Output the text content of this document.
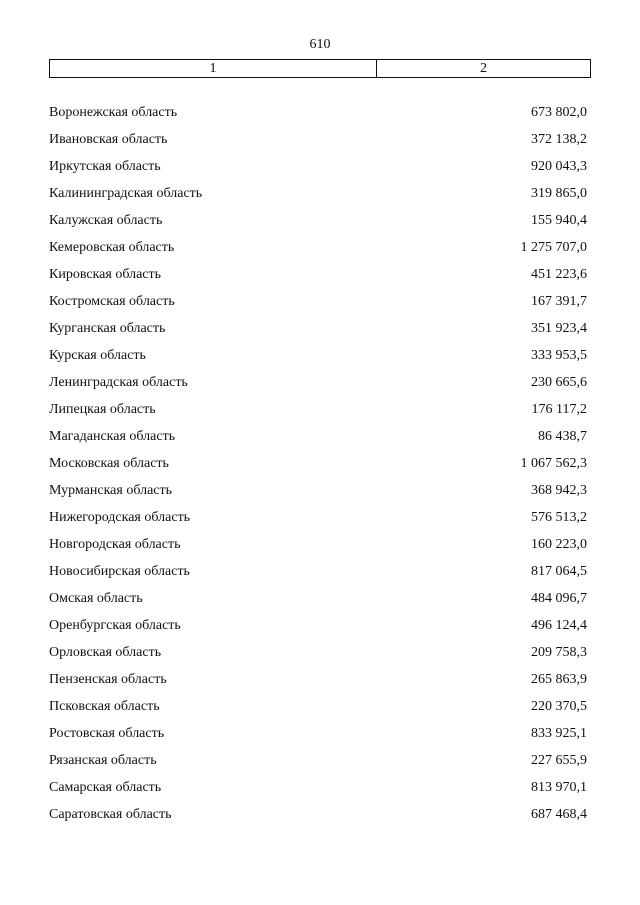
610
1	2
Воронежская область	673 802,0
Ивановская область	372 138,2
Иркутская область	920 043,3
Калининградская область	319 865,0
Калужская область	155 940,4
Кемеровская область	1 275 707,0
Кировская область	451 223,6
Костромская область	167 391,7
Курганская область	351 923,4
Курская область	333 953,5
Ленинградская область	230 665,6
Липецкая область	176 117,2
Магаданская область	86 438,7
Московская область	1 067 562,3
Мурманская область	368 942,3
Нижегородская область	576 513,2
Новгородская область	160 223,0
Новосибирская область	817 064,5
Омская область	484 096,7
Оренбургская область	496 124,4
Орловская область	209 758,3
Пензенская область	265 863,9
Псковская область	220 370,5
Ростовская область	833 925,1
Рязанская область	227 655,9
Самарская область	813 970,1
Саратовская область	687 468,4
